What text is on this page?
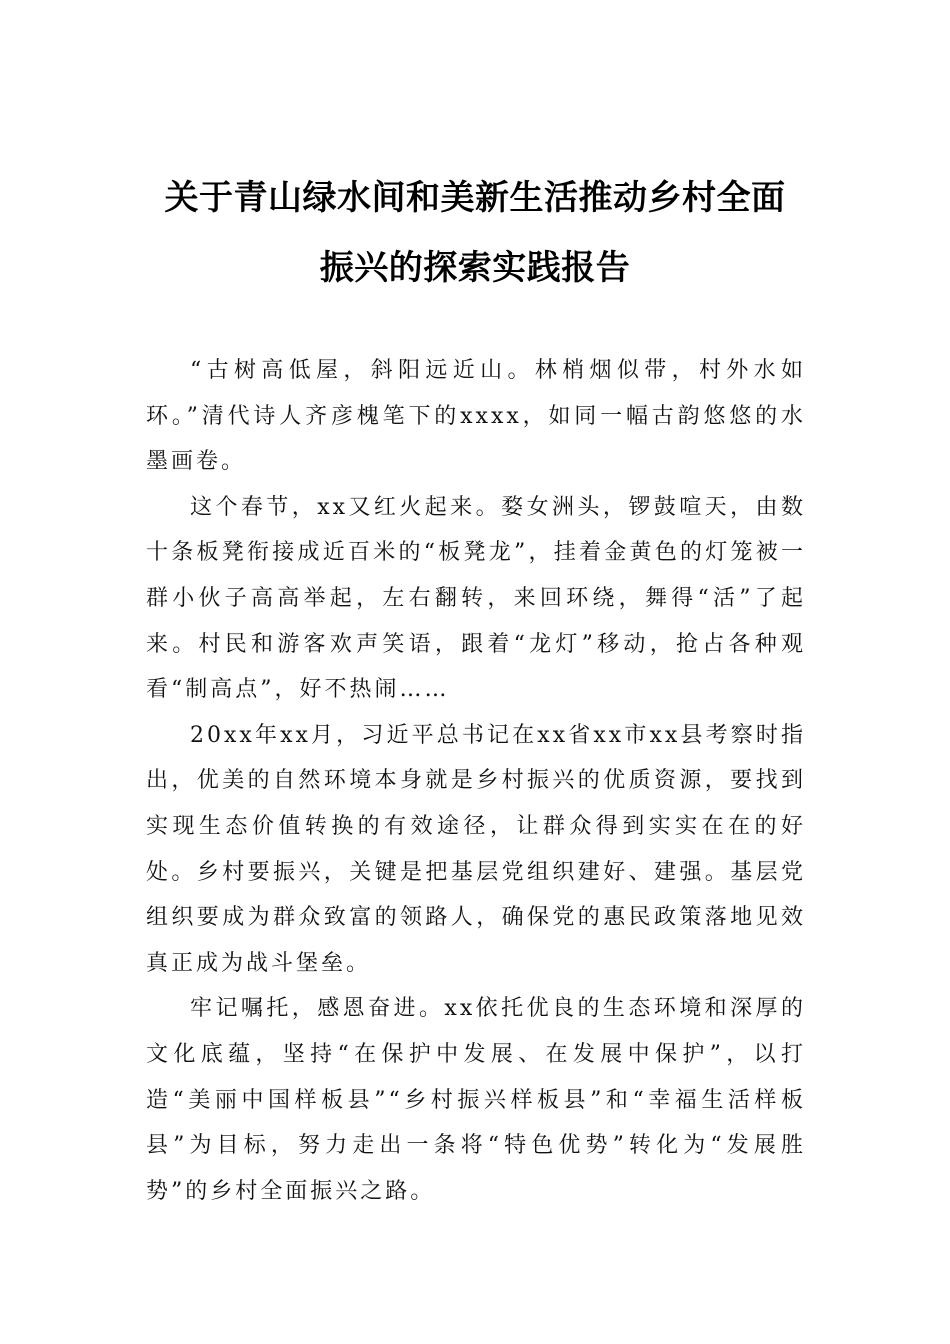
关于青山绿水间和美新生活推动乡村全面
振兴的探索实践报告

“古树高低屋，斜阳远近山。林梢烟似带，村外水如环。”清代诗人齐彦槐笔下的xxxx，如同一幅古韵悠悠的水墨画卷。

这个春节，xx又红火起来。婺女洲头，锣鼓喧天，由数十条板凳衔接成近百米的“板凳龙”，挂着金黄色的灯笼被一群小伙子高高举起，左右翻转，来回环绕，舞得“活”了起来。村民和游客欢声笑语，跟着“龙灯”移动，抢占各种观看“制高点”，好不热闹……

20xx年xx月，习近平总书记在xx省xx市xx县考察时指出，优美的自然环境本身就是乡村振兴的优质资源，要找到实现生态价值转换的有效途径，让群众得到实实在在的好处。乡村要振兴，关键是把基层党组织建好、建强。基层党组织要成为群众致富的领路人，确保党的惠民政策落地见效真正成为战斗堡垒。

牢记嘱托，感恩奋进。xx依托优良的生态环境和深厚的文化底蕴，坚持“在保护中发展、在发展中保护”，以打造“美丽中国样板县”“乡村振兴样板县”和“幸福生活样板县”为目标，努力走出一条将“特色优势”转化为“发展胜势”的乡村全面振兴之路。
